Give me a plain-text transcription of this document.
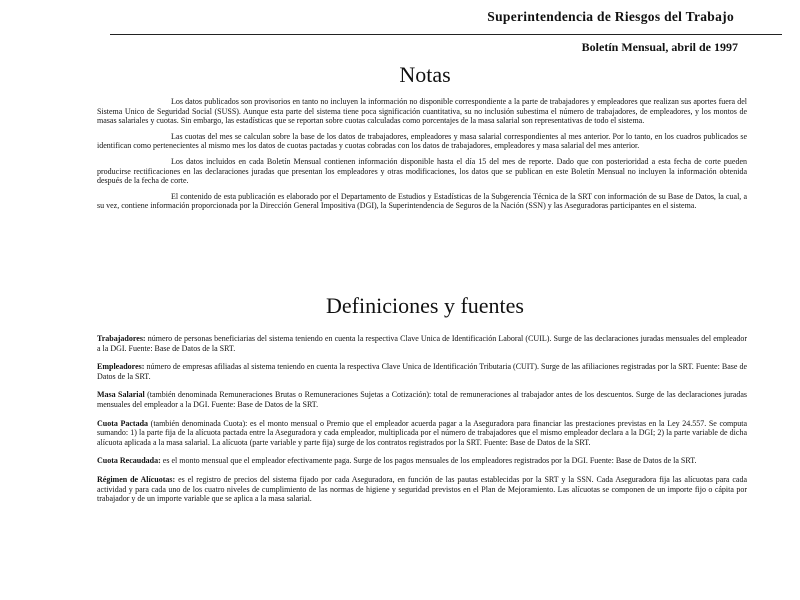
Superintendencia de Riesgos del Trabajo
Boletín Mensual, abril de 1997
Notas

Los datos publicados son provisorios en tanto no incluyen la información no disponible correspondiente a la parte de trabajadores y empleadores que realizan sus aportes fuera del Sistema Unico de Seguridad Social (SUSS). Aunque esta parte del sistema tiene poca significación cuantitativa, su no inclusión subestima el número de trabajadores, de empleadores, y los montos de masas salariales y cuotas. Sin embargo, las estadísticas que se reportan sobre cuotas calculadas como porcentajes de la masa salarial son representativas de todo el sistema.

Las cuotas del mes se calculan sobre la base de los datos de trabajadores, empleadores y masa salarial correspondientes al mes anterior. Por lo tanto, en los cuadros publicados se identifican como pertenecientes al mismo mes los datos de cuotas pactadas y cuotas cobradas con los datos de trabajadores, empleadores y masa salarial del mes anterior.

Los datos incluidos en cada Boletín Mensual contienen información disponible hasta el día 15 del mes de reporte. Dado que con posterioridad a esta fecha de corte pueden producirse rectificaciones en las declaraciones juradas que presentan los empleadores y otras modificaciones, los datos que se publican en este Boletín Mensual no incluyen la información obtenida después de la fecha de corte.

El contenido de esta publicación es elaborado por el Departamento de Estudios y Estadísticas de la Subgerencia Técnica de la SRT con información de su Base de Datos, la cual, a su vez, contiene información proporcionada por la Dirección General Impositiva (DGI), la Superintendencia de Seguros de la Nación (SSN) y las Aseguradoras participantes en el sistema.

Definiciones y fuentes

Trabajadores: número de personas beneficiarias del sistema teniendo en cuenta la respectiva Clave Unica de Identificación Laboral (CUIL). Surge de las declaraciones juradas mensuales del empleador a la DGI. Fuente: Base de Datos de la SRT.

Empleadores: número de empresas afiliadas al sistema teniendo en cuenta la respectiva Clave Unica de Identificación Tributaria (CUIT). Surge de las afiliaciones registradas por la SRT. Fuente: Base de Datos de la SRT.

Masa Salarial (también denominada Remuneraciones Brutas o Remuneraciones Sujetas a Cotización): total de remuneraciones al trabajador antes de los descuentos. Surge de las declaraciones juradas mensuales del empleador a la DGI. Fuente: Base de Datos de la SRT.

Cuota Pactada (también denominada Cuota): es el monto mensual o Premio que el empleador acuerda pagar a la Aseguradora para financiar las prestaciones previstas en la Ley 24.557. Se computa sumando: 1) la parte fija de la alícuota pactada entre la Aseguradora y cada empleador, multiplicada por el número de trabajadores que el mismo empleador declara a la DGI; 2) la parte variable de dicha alícuota aplicada a la masa salarial. La alícuota (parte variable y parte fija) surge de los contratos registrados por la SRT. Fuente: Base de Datos de la SRT.

Cuota Recaudada: es el monto mensual que el empleador efectivamente paga. Surge de los pagos mensuales de los empleadores registrados por la DGI. Fuente: Base de Datos de la SRT.

Régimen de Alícuotas: es el registro de precios del sistema fijado por cada Aseguradora, en función de las pautas establecidas por la SRT y la SSN. Cada Aseguradora fija las alícuotas para cada actividad y para cada uno de los cuatro niveles de cumplimiento de las normas de higiene y seguridad previstos en el Plan de Mejoramiento. Las alícuotas se componen de un importe fijo o cápita por trabajador y de un importe variable que se aplica a la masa salarial.
